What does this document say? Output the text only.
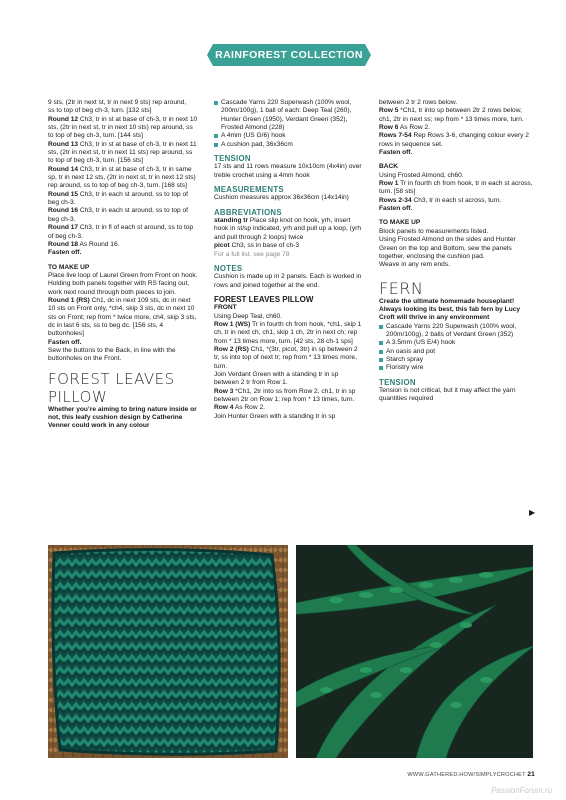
RAINFOREST COLLECTION

9 sts, (2tr in next st, tr in next 9 sts) rep around,

ss to top of beg ch-3, turn. [132 sts]

Round 12 Ch3, tr in st at base of ch-3, tr in next 10 sts, (2tr in next st, tr in next 10 sts) rep around, ss to top of beg ch-3, turn. [144 sts]

Round 13 Ch3, tr in st at base of ch-3, tr in next 11 sts, (2tr in next st, tr in next 11 sts) rep around, ss to top of beg ch-3, turn. [156 sts]

Round 14 Ch3, tr in st at base of ch-3, tr in same sp, tr in next 12 sts, (2tr in next st, tr in next 12 sts) rep around, ss to top of beg ch-3, turn. [168 sts]

Round 15 Ch3, tr in each st around, ss to top of beg ch-3.

Round 16 Ch3, tr in each st around, ss to top of beg ch-3.

Round 17 Ch3, tr in fl of each st around, ss to top of beg ch-3.

Round 18 As Round 16.

Fasten off.

TO MAKE UP

Place live loop of Laurel Green from Front on hook. Holding both panels together with RS facing out, work next round through both pieces to join.

Round 1 (RS) Ch1, dc in next 109 sts, dc in next 10 sts on Front only, *ch4, skip 3 sts, dc in next 10 sts on Front; rep from * twice more, ch4, skip 3 sts, dc in last 6 sts, ss to beg dc. [156 sts, 4 buttonholes]

Fasten off.

Sew the buttons to the Back, in line with the buttonholes on the Front.

FOREST LEAVES PILLOW

Whether you’re aiming to bring nature inside or not, this leafy cushion design by Catherine Venner could work in any colour

Cascade Yarns 220 Superwash (100% wool, 200m/100g), 1 ball of each: Deep Teal (260), Hunter Green (1950), Verdant Green (352), Frosted Almond (228)
A 4mm (US G/6) hook
A cushion pad, 36x36cm

TENSION

17 sts and 11 rows measure 10x10cm (4x4in) over treble crochet using a 4mm hook

MEASUREMENTS

Cushion measures approx 36x36cm (14x14in)

ABBREVIATIONS

standing tr Place slip knot on hook, yrh, insert hook in st/sp indicated, yrh and pull up a loop, (yrh and pull through 2 loops) twice

picot Ch3, ss in base of ch-3

For a full list, see page 78

NOTES

Cushion is made up in 2 panels. Each is worked in rows and joined together at the end.

FOREST LEAVES PILLOW

FRONT

Using Deep Teal, ch60.

Row 1 (WS) Tr in fourth ch from hook, *ch1, skip 1 ch, tr in next ch, ch1, skip 1 ch, 2tr in next ch; rep from * 13 times more, turn. [42 sts, 28 ch-1 sps]

Row 2 (RS) Ch1, *(3tr, picot, 3tr) in sp between 2 tr, ss into top of next tr; rep from * 13 times more, turn.

Join Verdant Green with a standing tr in sp between 2 tr from Row 1.

Row 3 *Ch1, 2tr into ss from Row 2, ch1, tr in sp between 2tr on Row 1; rep from * 13 times, turn.

Row 4 As Row 2.

Join Hunter Green with a standing tr in sp

between 2 tr 2 rows below.

Row 5 *Ch1, tr into sp between 2tr 2 rows below, ch1, 2tr in next ss; rep from * 13 times more, turn.

Row 6 As Row 2.

Rows 7-54 Rep Rows 3-6, changing colour every 2 rows in sequence set.

Fasten off.

BACK

Using Frosted Almond, ch60.

Row 1 Tr in fourth ch from hook, tr in each st across, turn. [58 sts]

Rows 2-34 Ch3, tr in each st across, turn.

Fasten off.

TO MAKE UP

Block panels to measurements listed.

Using Frosted Almond on the sides and Hunter Green on the top and Bottom, sew the panels together, enclosing the cushion pad.

Weave in any rem ends.

FERN

Create the ultimate homemade houseplant! Always looking its best, this fab fern by Lucy Croft will thrive in any environment

Cascade Yarns 220 Superwash (100% wool, 200m/100g), 2 balls of Verdant Green (352)
A 3.5mm (US E/4) hook
An oasis and pot
Starch spray
Floristry wire

TENSION

Tension is not critical, but it may affect the yarn quantities required

▶
WWW.GATHERED.HOW/SIMPLYCROCHET 21
PassionForum.ru
